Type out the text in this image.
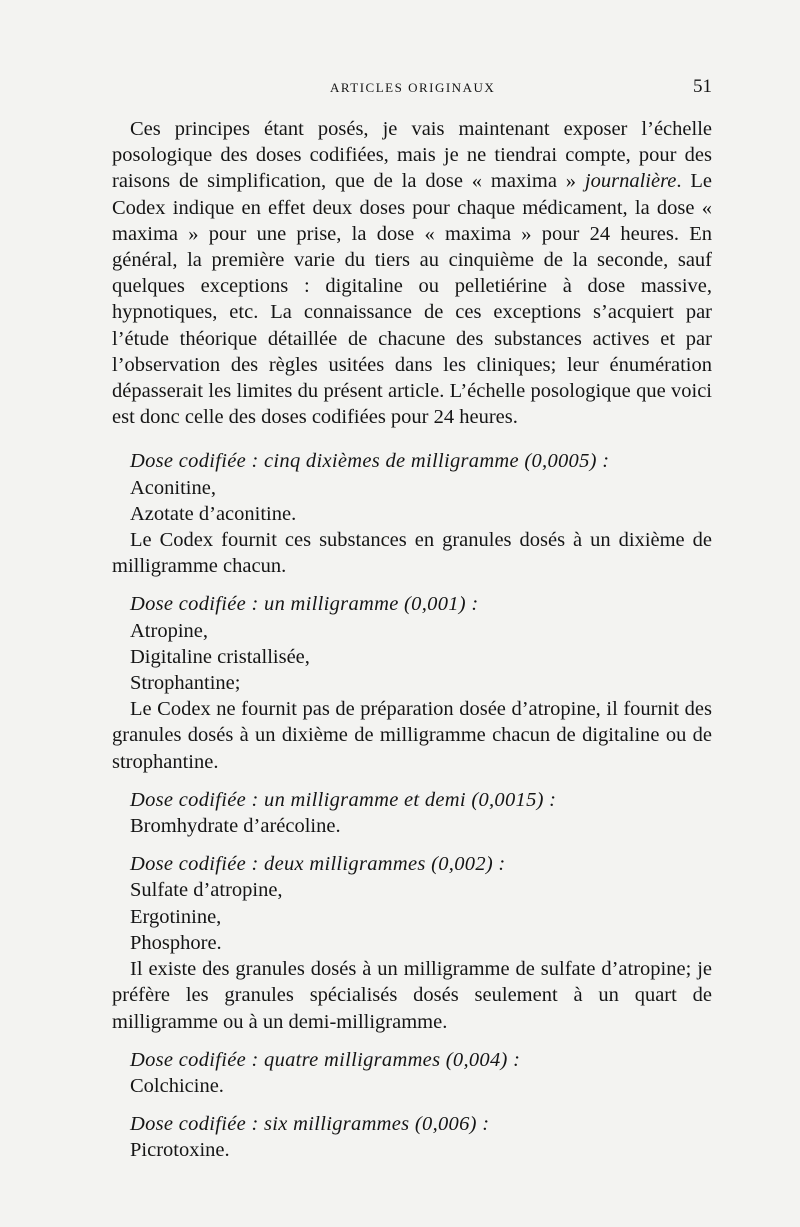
ARTICLES ORIGINAUX	51

Ces principes étant posés, je vais maintenant exposer l’échelle posologique des doses codifiées, mais je ne tiendrai compte, pour des raisons de simplification, que de la dose « maxima » journalière. Le Codex indique en effet deux doses pour chaque médicament, la dose « maxima » pour une prise, la dose « maxima » pour 24 heures. En général, la première varie du tiers au cinquième de la seconde, sauf quelques exceptions : digitaline ou pelletiérine à dose massive, hypnotiques, etc. La connaissance de ces exceptions s’acquiert par l’étude théorique détaillée de chacune des substances actives et par l’observation des règles usitées dans les cliniques; leur énumération dépasserait les limites du présent article. L’échelle posologique que voici est donc celle des doses codifiées pour 24 heures.

Dose codifiée : cinq dixièmes de milligramme (0,0005) :

Aconitine,

Azotate d’aconitine.

Le Codex fournit ces substances en granules dosés à un dixième de milligramme chacun.

Dose codifiée : un milligramme (0,001) :

Atropine,

Digitaline cristallisée,

Strophantine;

Le Codex ne fournit pas de préparation dosée d’atropine, il fournit des granules dosés à un dixième de milligramme chacun de digitaline ou de strophantine.

Dose codifiée : un milligramme et demi (0,0015) :

Bromhydrate d’arécoline.

Dose codifiée : deux milligrammes (0,002) :

Sulfate d’atropine,

Ergotinine,

Phosphore.

Il existe des granules dosés à un milligramme de sulfate d’atropine; je préfère les granules spécialisés dosés seulement à un quart de milligramme ou à un demi-milligramme.

Dose codifiée : quatre milligrammes (0,004) :

Colchicine.

Dose codifiée : six milligrammes (0,006) :

Picrotoxine.
